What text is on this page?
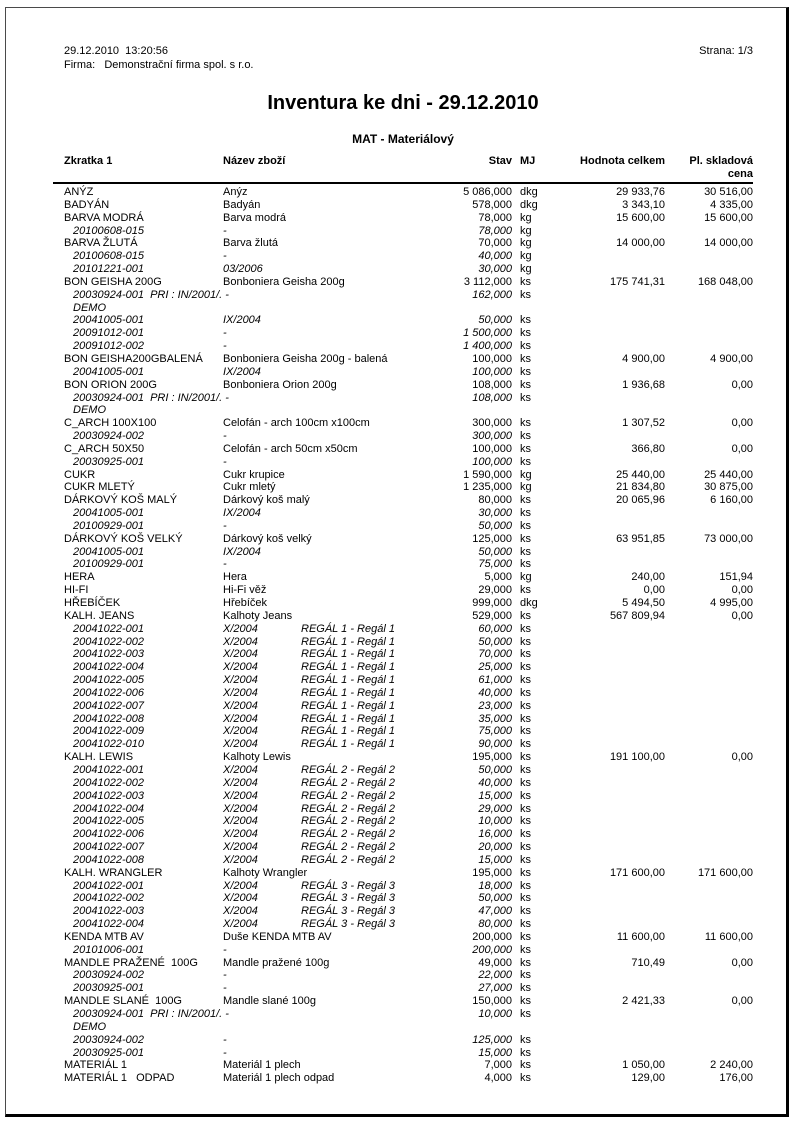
29.12.2010  13:20:56
Firma:   Demonstrační firma spol. s r.o.
Strana: 1/3
Inventura ke dni - 29.12.2010
MAT - Materiálový
Zkratka 1	Název zboží	Stav MJ	Hodnota celkem	Pl. skladová
cena
ANÝZ	Anýz	5 086,000 dkg	29 933,76	30 516,00
BADYÁN	Badyán	578,000 dkg	3 343,10	4 335,00
BARVA MODRÁ	Barva modrá	78,000 kg	15 600,00	15 600,00
20100608-015	-	78,000 kg
BARVA ŽLUTÁ	Barva žlutá	70,000 kg	14 000,00	14 000,00
20100608-015	-	40,000 kg
20101221-001	03/2006	30,000 kg
BON GEISHA 200G	Bonboniera Geisha 200g	3 112,000 ks	175 741,31	168 048,00
20030924-001  PRI : IN/2001/. -	162,000 ks
DEMO
20041005-001	IX/2004	50,000 ks
20091012-001	-	1 500,000 ks
20091012-002	-	1 400,000 ks
BON GEISHA200GBALENÁ	Bonboniera Geisha 200g - balená	100,000 ks	4 900,00	4 900,00
20041005-001	IX/2004	100,000 ks
BON ORION 200G	Bonboniera Orion 200g	108,000 ks	1 936,68	0,00
20030924-001  PRI : IN/2001/. -	108,000 ks
DEMO
C_ARCH 100X100	Celofán - arch 100cm x100cm	300,000 ks	1 307,52	0,00
20030924-002	-	300,000 ks
C_ARCH 50X50	Celofán - arch 50cm x50cm	100,000 ks	366,80	0,00
20030925-001	-	100,000 ks
CUKR	Cukr krupice	1 590,000 kg	25 440,00	25 440,00
CUKR MLETÝ	Cukr mletý	1 235,000 kg	21 834,80	30 875,00
DÁRKOVÝ KOŠ MALÝ	Dárkový koš malý	80,000 ks	20 065,96	6 160,00
20041005-001	IX/2004	30,000 ks
20100929-001	-	50,000 ks
DÁRKOVÝ KOŠ VELKÝ	Dárkový koš velký	125,000 ks	63 951,85	73 000,00
20041005-001	IX/2004	50,000 ks
20100929-001	-	75,000 ks
HERA	Hera	5,000 kg	240,00	151,94
HI-FI	Hi-Fi věž	29,000 ks	0,00	0,00
HŘEBÍČEK	Hřebíček	999,000 dkg	5 494,50	4 995,00
KALH. JEANS	Kalhoty Jeans	529,000 ks	567 809,94	0,00
20041022-001	X/2004	REGÁL 1 - Regál 1	60,000 ks
20041022-002	X/2004	REGÁL 1 - Regál 1	50,000 ks
20041022-003	X/2004	REGÁL 1 - Regál 1	70,000 ks
20041022-004	X/2004	REGÁL 1 - Regál 1	25,000 ks
20041022-005	X/2004	REGÁL 1 - Regál 1	61,000 ks
20041022-006	X/2004	REGÁL 1 - Regál 1	40,000 ks
20041022-007	X/2004	REGÁL 1 - Regál 1	23,000 ks
20041022-008	X/2004	REGÁL 1 - Regál 1	35,000 ks
20041022-009	X/2004	REGÁL 1 - Regál 1	75,000 ks
20041022-010	X/2004	REGÁL 1 - Regál 1	90,000 ks
KALH. LEWIS	Kalhoty Lewis	195,000 ks	191 100,00	0,00
20041022-001	X/2004	REGÁL 2 - Regál 2	50,000 ks
20041022-002	X/2004	REGÁL 2 - Regál 2	40,000 ks
20041022-003	X/2004	REGÁL 2 - Regál 2	15,000 ks
20041022-004	X/2004	REGÁL 2 - Regál 2	29,000 ks
20041022-005	X/2004	REGÁL 2 - Regál 2	10,000 ks
20041022-006	X/2004	REGÁL 2 - Regál 2	16,000 ks
20041022-007	X/2004	REGÁL 2 - Regál 2	20,000 ks
20041022-008	X/2004	REGÁL 2 - Regál 2	15,000 ks
KALH. WRANGLER	Kalhoty Wrangler	195,000 ks	171 600,00	171 600,00
20041022-001	X/2004	REGÁL 3 - Regál 3	18,000 ks
20041022-002	X/2004	REGÁL 3 - Regál 3	50,000 ks
20041022-003	X/2004	REGÁL 3 - Regál 3	47,000 ks
20041022-004	X/2004	REGÁL 3 - Regál 3	80,000 ks
KENDA MTB AV	Duše KENDA MTB AV	200,000 ks	11 600,00	11 600,00
20101006-001	-	200,000 ks
MANDLE PRAŽENÉ  100G	Mandle pražené 100g	49,000 ks	710,49	0,00
20030924-002	-	22,000 ks
20030925-001	-	27,000 ks
MANDLE SLANÉ  100G	Mandle slané 100g	150,000 ks	2 421,33	0,00
20030924-001  PRI : IN/2001/. -	10,000 ks
DEMO
20030924-002	-	125,000 ks
20030925-001	-	15,000 ks
MATERIÁL 1	Materiál 1 plech	7,000 ks	1 050,00	2 240,00
MATERIÁL 1   ODPAD	Materiál 1 plech odpad	4,000 ks	129,00	176,00
